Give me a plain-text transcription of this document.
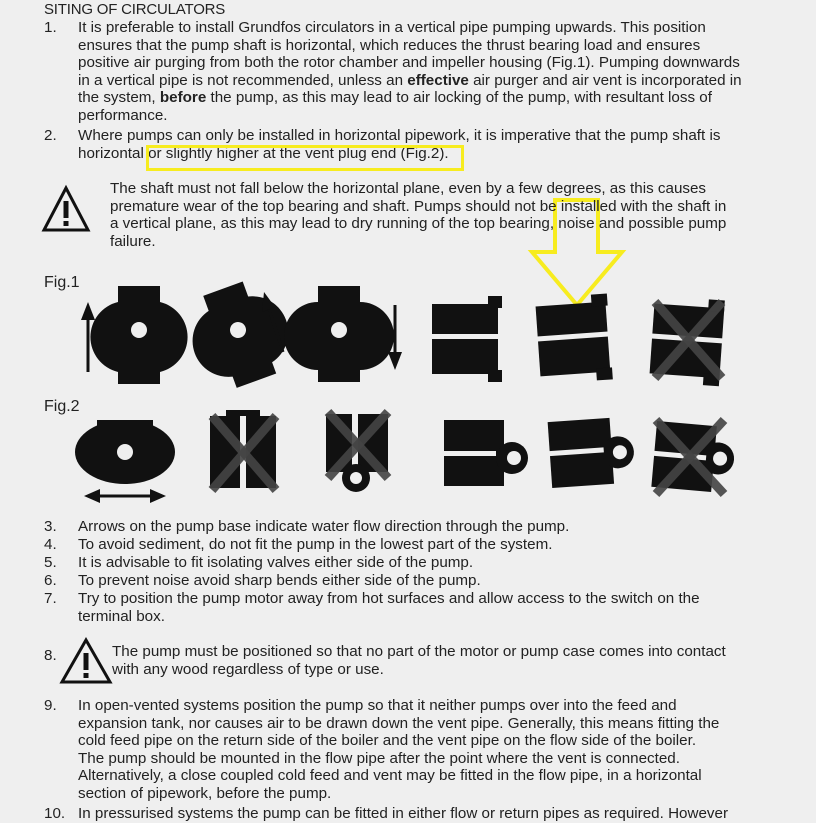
SITING OF CIRCULATORS
1. It is preferable to install Grundfos circulators in a vertical pipe pumping upwards. This position
ensures that the pump shaft is horizontal, which reduces the thrust bearing load and ensures
positive air purging from both the rotor chamber and impeller housing (Fig.1). Pumping downwards
in a vertical pipe is not recommended, unless an effective air purger and air vent is incorporated in
the system, before the pump, as this may lead to air locking of the pump, with resultant loss of
performance.
2. Where pumps can only be installed in horizontal pipework, it is imperative that the pump shaft is
horizontal or slightly higher at the vent plug end (Fig.2).
The shaft must not fall below the horizontal plane, even by a few degrees, as this causes
premature wear of the top bearing and shaft. Pumps should not be installed with the shaft in
a vertical plane, as this may lead to dry running of the top bearing, noise and possible pump
failure.
Fig.1
Fig.2
3. Arrows on the pump base indicate water flow direction through the pump.
4. To avoid sediment, do not fit the pump in the lowest part of the system.
5. It is advisable to fit isolating valves either side of the pump.
6. To prevent noise avoid sharp bends either side of the pump.
7. Try to position the pump motor away from hot surfaces and allow access to the switch on the
terminal box.
8.	The pump must be positioned so that no part of the motor or pump case comes into contact
with any wood regardless of type or use.
9. In open-vented systems position the pump so that it neither pumps over into the feed and
expansion tank, nor causes air to be drawn down the vent pipe. Generally, this means fitting the
cold feed pipe on the return side of the boiler and the vent pipe on the flow side of the boiler.
The pump should be mounted in the flow pipe after the point where the vent is connected.
Alternatively, a close coupled cold feed and vent may be fitted in the flow pipe, in a horizontal
section of pipework, before the pump.
10. In pressurised systems the pump can be fitted in either flow or return pipes as required. However
